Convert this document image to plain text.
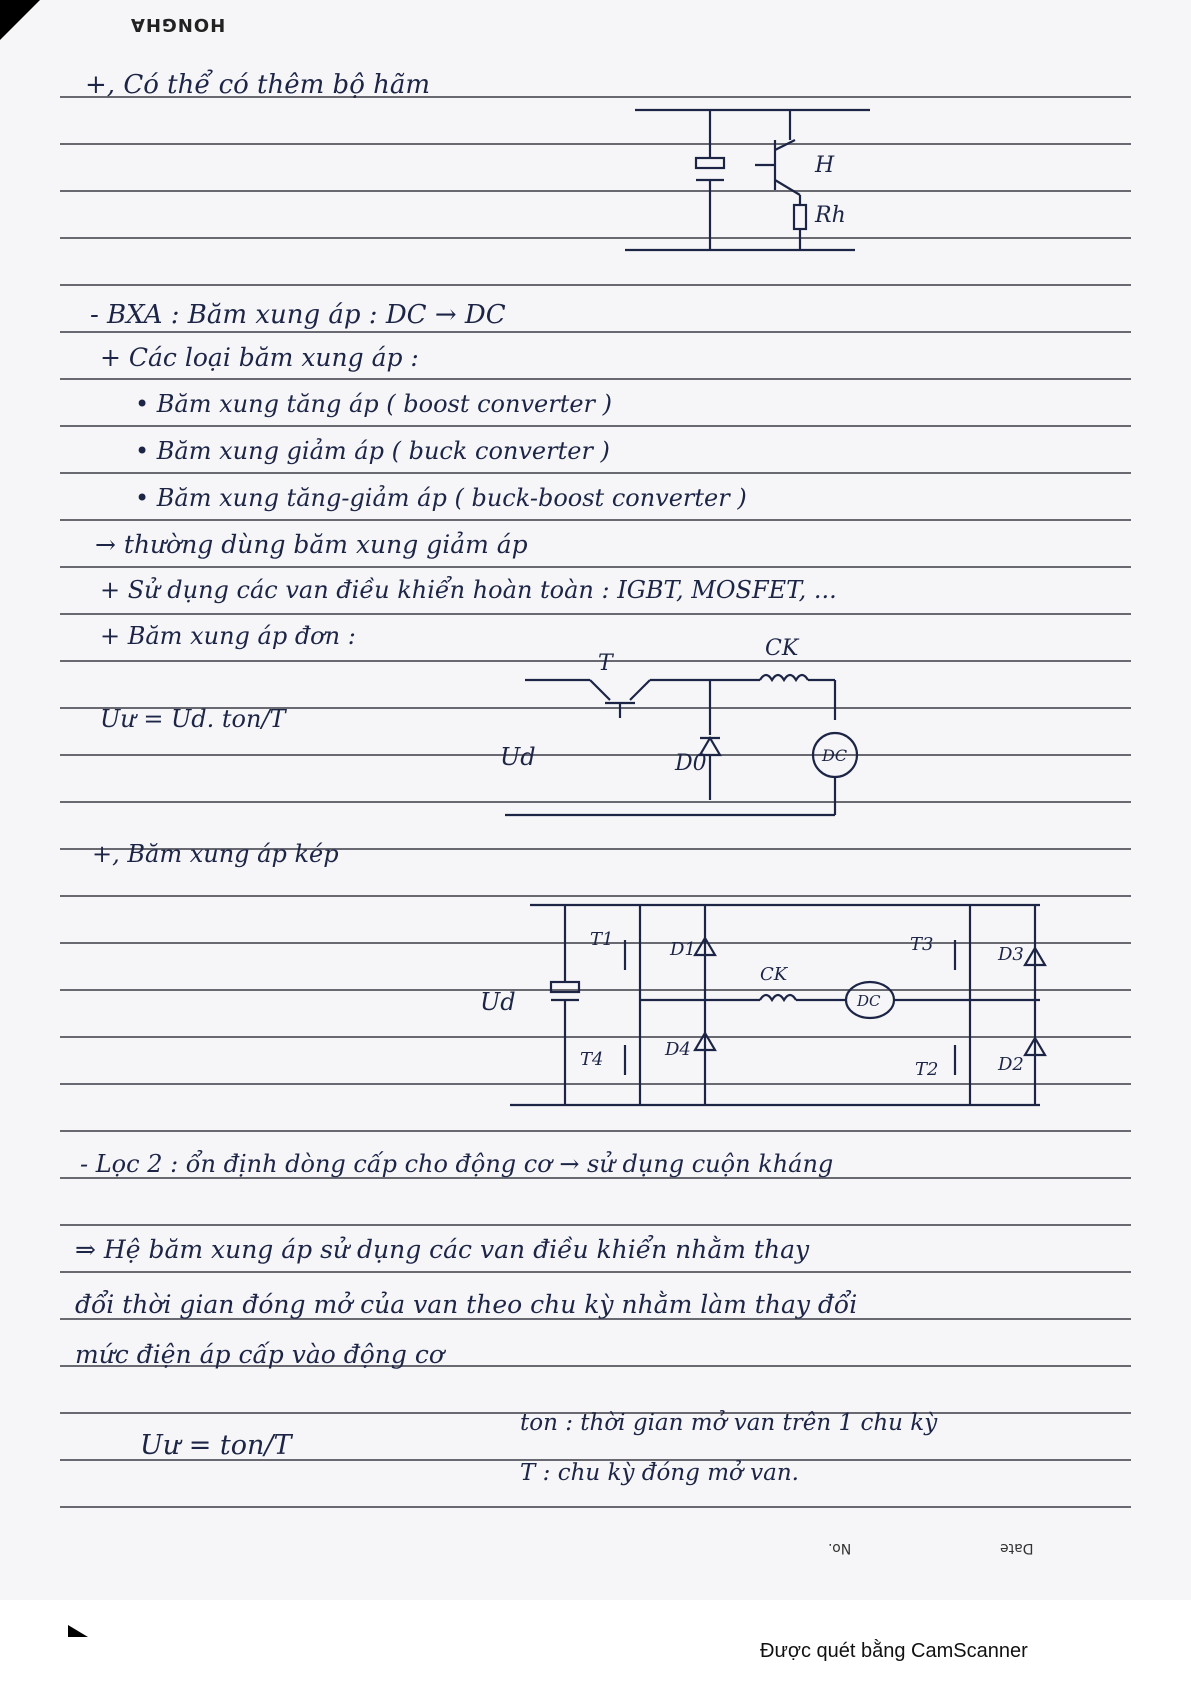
HONGHA
+, Có thể có thêm bộ hãm
- BXA : Băm xung áp : DC → DC
+ Các loại băm xung áp :
• Băm xung tăng áp ( boost converter )
• Băm xung giảm áp ( buck converter )
• Băm xung tăng-giảm áp ( buck-boost converter )
→ thường dùng băm xung giảm áp
+ Sử dụng các van điều khiển hoàn toàn : IGBT, MOSFET, ...
+ Băm xung áp đơn :
Uư = Ud. ton/T
+, Băm xung áp kép
- Lọc 2 : ổn định dòng cấp cho động cơ → sử dụng cuộn kháng
⇒ Hệ băm xung áp sử dụng các van điều khiển nhằm thay
đổi thời gian đóng mở của van theo chu kỳ nhằm làm thay đổi
mức điện áp cấp vào động cơ
Uư = ton/T
ton : thời gian mở van trên 1 chu kỳ
T : chu kỳ đóng mở van.
No.	Date
H
Rh
T
CK
D0
Ud	DC
Ud
T1
T4
D1
D4
CK
DC
T3
T2
D3
D2
Được quét bằng CamScanner
